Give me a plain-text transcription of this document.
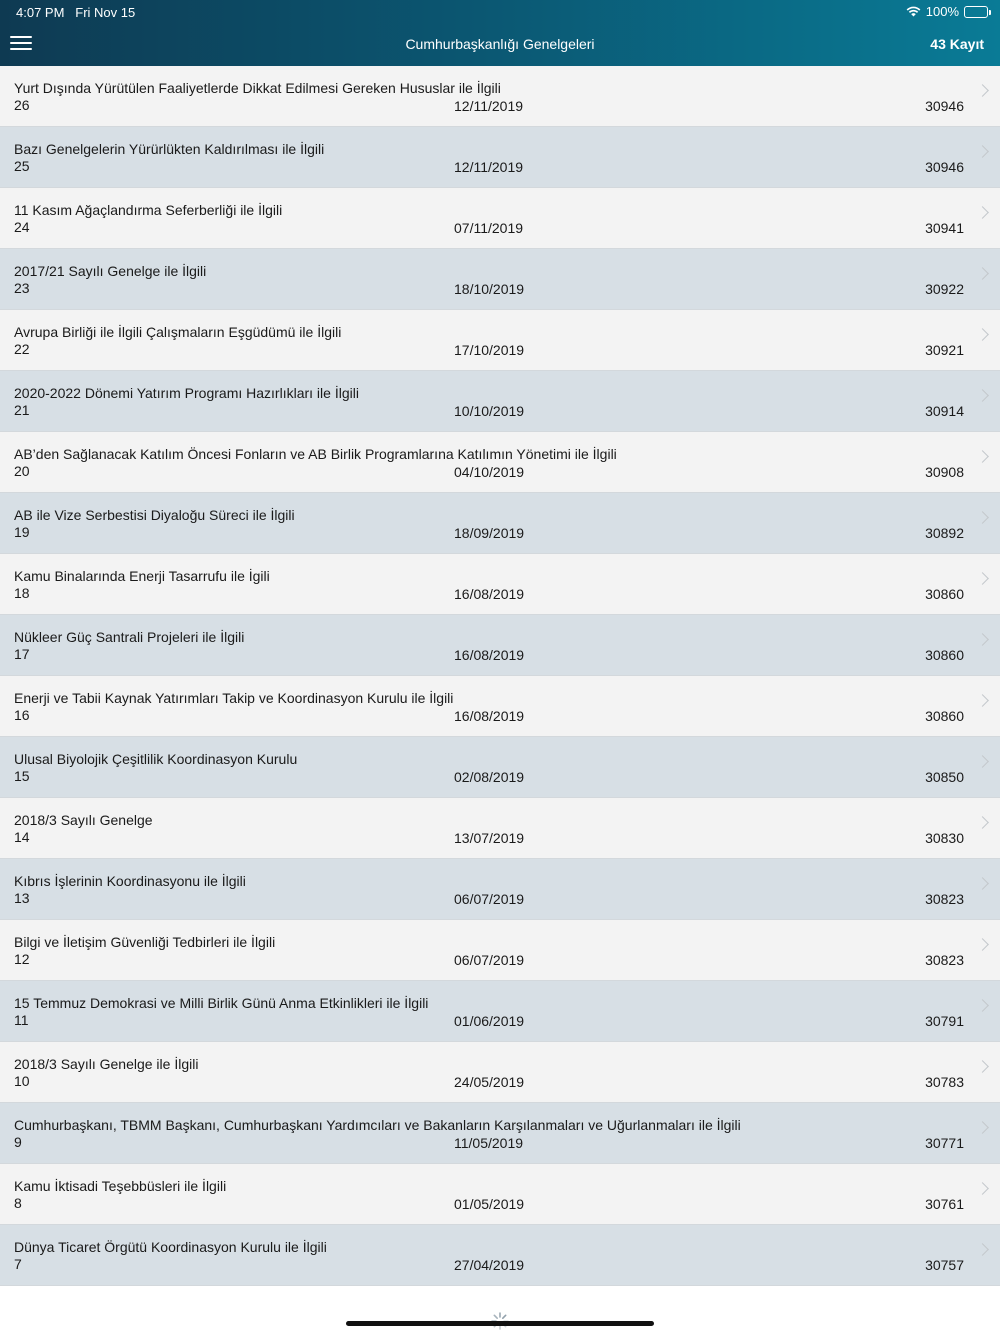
4:07 PM Fri Nov 15	100%
Cumhurbaşkanlığı Genelgeleri	43 Kayıt
Yurt Dışında Yürütülen Faaliyetlerde Dikkat Edilmesi Gereken Hususlar ile İlgili
26	12/11/2019	30946
Bazı Genelgelerin Yürürlükten Kaldırılması ile İlgili
25	12/11/2019	30946
11 Kasım Ağaçlandırma Seferberliği ile İlgili
24	07/11/2019	30941
2017/21 Sayılı Genelge ile İlgili
23	18/10/2019	30922
Avrupa Birliği ile İlgili Çalışmaların Eşgüdümü ile İlgili
22	17/10/2019	30921
2020-2022 Dönemi Yatırım Programı Hazırlıkları ile İlgili
21	10/10/2019	30914
AB’den Sağlanacak Katılım Öncesi Fonların ve AB Birlik Programlarına Katılımın Yönetimi ile İlgili
20	04/10/2019	30908
AB ile Vize Serbestisi Diyaloğu Süreci ile İlgili
19	18/09/2019	30892
Kamu Binalarında Enerji Tasarrufu ile İgili
18	16/08/2019	30860
Nükleer Güç Santrali Projeleri ile İlgili
17	16/08/2019	30860
Enerji ve Tabii Kaynak Yatırımları Takip ve Koordinasyon Kurulu ile İlgili
16	16/08/2019	30860
Ulusal Biyolojik Çeşitlilik Koordinasyon Kurulu
15	02/08/2019	30850
2018/3 Sayılı Genelge
14	13/07/2019	30830
Kıbrıs İşlerinin Koordinasyonu ile İlgili
13	06/07/2019	30823
Bilgi ve İletişim Güvenliği Tedbirleri ile İlgili
12	06/07/2019	30823
15 Temmuz Demokrasi ve Milli Birlik Günü Anma Etkinlikleri ile İlgili
11	01/06/2019	30791
2018/3 Sayılı Genelge ile İlgili
10	24/05/2019	30783
Cumhurbaşkanı, TBMM Başkanı, Cumhurbaşkanı Yardımcıları ve Bakanların Karşılanmaları ve Uğurlanmaları ile İlgili
9	11/05/2019	30771
Kamu İktisadi Teşebbüsleri ile İlgili
8	01/05/2019	30761
Dünya Ticaret Örgütü Koordinasyon Kurulu ile İlgili
7	27/04/2019	30757
